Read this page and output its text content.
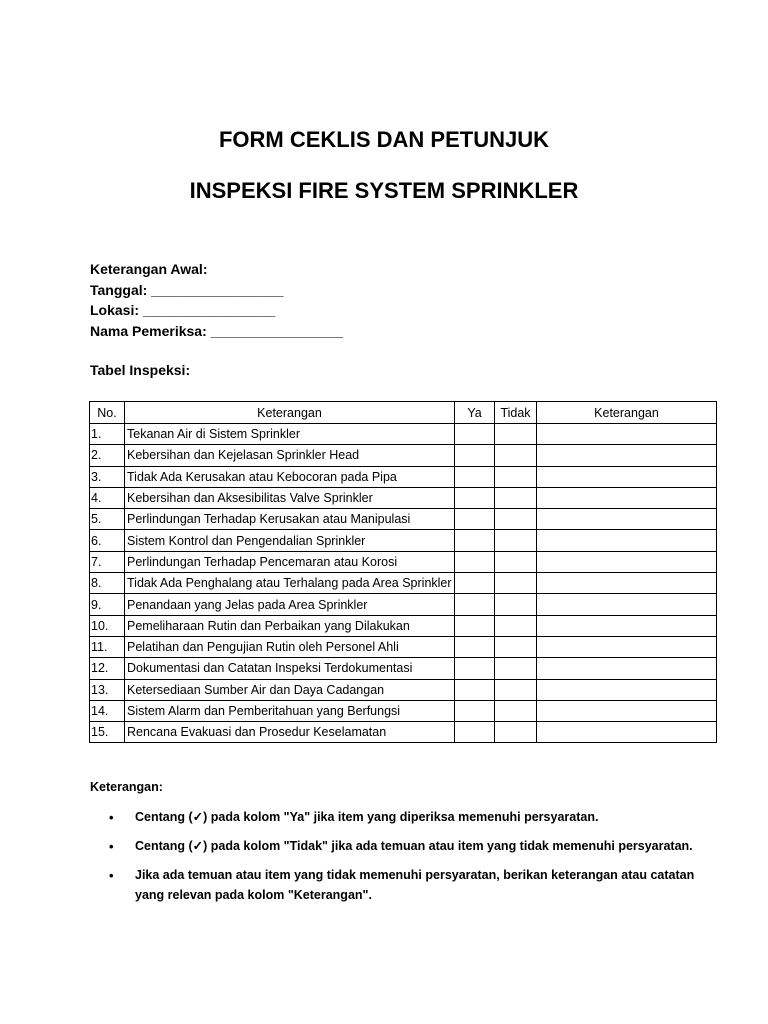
FORM CEKLIS DAN PETUNJUK
INSPEKSI FIRE SYSTEM SPRINKLER
Keterangan Awal:
Tanggal: _________________
Lokasi: _________________
Nama Pemeriksa: _________________
Tabel Inspeksi:
No.	Keterangan	Ya	Tidak	Keterangan
1.	Tekanan Air di Sistem Sprinkler			
2.	Kebersihan dan Kejelasan Sprinkler Head			
3.	Tidak Ada Kerusakan atau Kebocoran pada Pipa			
4.	Kebersihan dan Aksesibilitas Valve Sprinkler			
5.	Perlindungan Terhadap Kerusakan atau Manipulasi			
6.	Sistem Kontrol dan Pengendalian Sprinkler			
7.	Perlindungan Terhadap Pencemaran atau Korosi			
8.	Tidak Ada Penghalang atau Terhalang pada Area Sprinkler			
9.	Penandaan yang Jelas pada Area Sprinkler			
10.	Pemeliharaan Rutin dan Perbaikan yang Dilakukan			
11.	Pelatihan dan Pengujian Rutin oleh Personel Ahli			
12.	Dokumentasi dan Catatan Inspeksi Terdokumentasi			
13.	Ketersediaan Sumber Air dan Daya Cadangan			
14.	Sistem Alarm dan Pemberitahuan yang Berfungsi			
15.	Rencana Evakuasi dan Prosedur Keselamatan			
Keterangan:
• Centang (✓) pada kolom "Ya" jika item yang diperiksa memenuhi persyaratan.
• Centang (✓) pada kolom "Tidak" jika ada temuan atau item yang tidak memenuhi persyaratan.
• Jika ada temuan atau item yang tidak memenuhi persyaratan, berikan keterangan atau catatan yang relevan pada kolom "Keterangan".
